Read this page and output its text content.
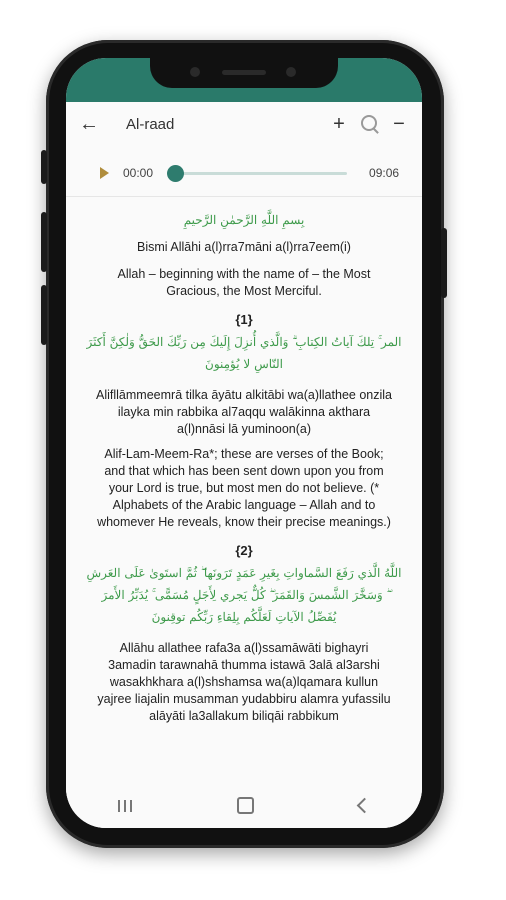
←	Al-raad	+	−
00:00	09:06
بِسمِ اللَّهِ الرَّحمٰنِ الرَّحيمِ
Bismi Allāhi a(l)rra7māni a(l)rra7eem(i)
Allah – beginning with the name of – the Most Gracious, the Most Merciful.
{1}
المر ۚ تِلكَ آياتُ الكِتابِ ۗ وَالَّذي أُنزِلَ إِلَيكَ مِن رَبِّكَ الحَقُّ وَلٰكِنَّ أَكثَرَ النّاسِ لا يُؤمِنونَ
Alifllāmmeemrā tilka āyātu alkitābi wa(a)llathee onzila ilayka min rabbika al7aqqu walākinna akthara a(l)nnāsi lā yuminoon(a)
Alif-Lam-Meem-Ra*; these are verses of the Book; and that which has been sent down upon you from your Lord is true, but most men do not believe. (* Alphabets of the Arabic language – Allah and to whomever He reveals, know their precise meanings.)
{2}
اللَّهُ الَّذي رَفَعَ السَّماواتِ بِغَيرِ عَمَدٍ تَرَونَها ۖ ثُمَّ استَوىٰ عَلَى العَرشِ ۖ وَسَخَّرَ الشَّمسَ وَالقَمَرَ ۖ كُلٌّ يَجري لِأَجَلٍ مُسَمًّى ۚ يُدَبِّرُ الأَمرَ يُفَصِّلُ الآياتِ لَعَلَّكُم بِلِقاءِ رَبِّكُم توقِنونَ
Allāhu allathee rafa3a a(l)ssamāwāti bighayri 3amadin tarawnahā thumma istawā 3alā al3arshi wasakhkhara a(l)shshamsa wa(a)lqamara kullun yajree liajalin musamman yudabbiru alamra yufassilu alāyāti la3allakum biliqāi rabbikum
